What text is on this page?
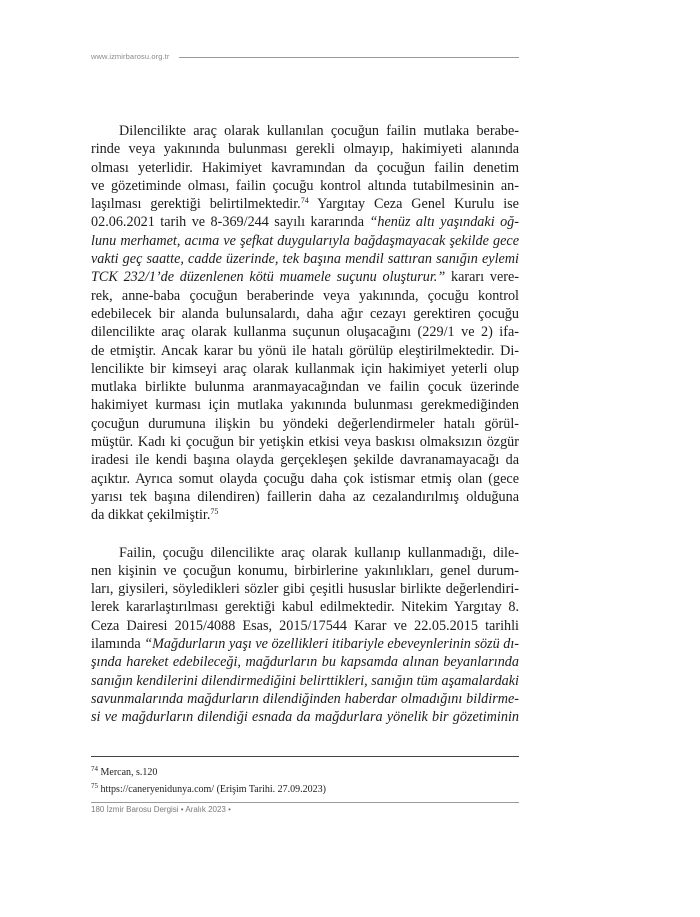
www.izmirbarosu.org.tr
Dilencilikte araç olarak kullanılan çocuğun failin mutlaka berabe-
rinde veya yakınında bulunması gerekli olmayıp, hakimiyeti alanında
olması yeterlidir. Hakimiyet kavramından da çocuğun failin denetim
ve gözetiminde olması, failin çocuğu kontrol altında tutabilmesinin an-
laşılması gerektiği belirtilmektedir.$^{74}$ Yargıtay Ceza Genel Kurulu ise
02.06.2021 tarih ve 8-369/244 sayılı kararında “henüz altı yaşındaki oğ-
lunu merhamet, acıma ve şefkat duygularıyla bağdaşmayacak şekilde gece
vakti geç saatte, cadde üzerinde, tek başına mendil sattıran sanığın eylemi
TCK 232/1’de düzenlenen kötü muamele suçunu oluşturur.” kararı vere-
rek, anne-baba çocuğun beraberinde veya yakınında, çocuğu kontrol
edebilecek bir alanda bulunsalardı, daha ağır cezayı gerektiren çocuğu
dilencilikte araç olarak kullanma suçunun oluşacağını (229/1 ve 2) ifa-
de etmiştir. Ancak karar bu yönü ile hatalı görülüp eleştirilmektedir. Di-
lencilikte bir kimseyi araç olarak kullanmak için hakimiyet yeterli olup
mutlaka birlikte bulunma aranmayacağından ve failin çocuk üzerinde
hakimiyet kurması için mutlaka yakınında bulunması gerekmediğinden
çocuğun durumuna ilişkin bu yöndeki değerlendirmeler hatalı görül-
müştür. Kadı ki çocuğun bir yetişkin etkisi veya baskısı olmaksızın özgür
iradesi ile kendi başına olayda gerçekleşen şekilde davranamayacağı da
açıktır. Ayrıca somut olayda çocuğu daha çok istismar etmiş olan (gece
yarısı tek başına dilendiren) faillerin daha az cezalandırılmış olduğuna
da dikkat çekilmiştir.$^{75}$
Failin, çocuğu dilencilikte araç olarak kullanıp kullanmadığı, dile-
nen kişinin ve çocuğun konumu, birbirlerine yakınlıkları, genel durum-
ları, giysileri, söyledikleri sözler gibi çeşitli hususlar birlikte değerlendiri-
lerek kararlaştırılması gerektiği kabul edilmektedir. Nitekim Yargıtay 8.
Ceza Dairesi 2015/4088 Esas, 2015/17544 Karar ve 22.05.2015 tarihli
ilamında “Mağdurların yaşı ve özellikleri itibariyle ebeveynlerinin sözü dı-
şında hareket edebileceği, mağdurların bu kapsamda alınan beyanlarında
sanığın kendilerini dilendirmediğini belirttikleri, sanığın tüm aşamalardaki
savunmalarında mağdurların dilendiğinden haberdar olmadığını bildirme-
si ve mağdurların dilendiği esnada da mağdurlara yönelik bir gözetiminin
$^{74}$ Mercan, s.120
$^{75}$ https://caneryenidunya.com/ (Erişim Tarihi. 27.09.2023)
180 İzmir Barosu Dergisi • Aralık 2023 •
